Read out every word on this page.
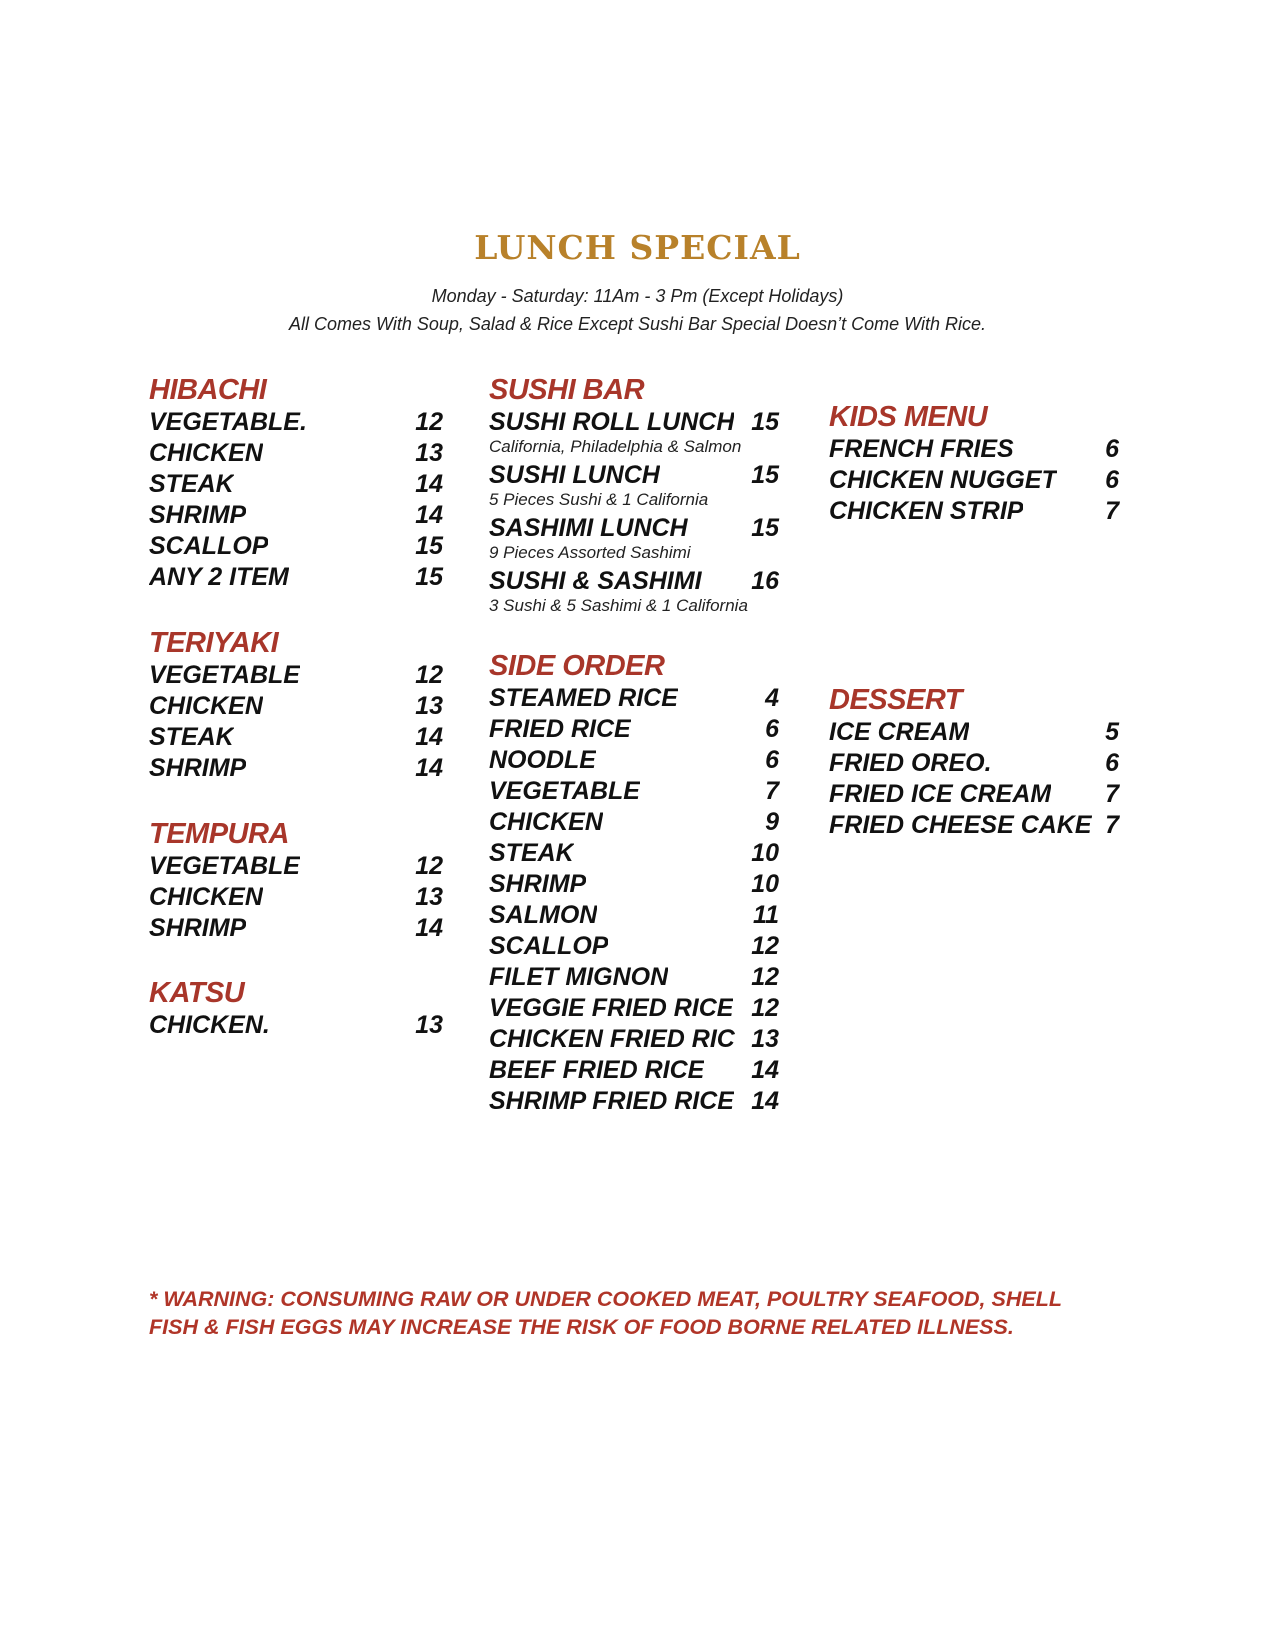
LUNCH SPECIAL
Monday - Saturday: 11Am - 3 Pm (Except Holidays)
All Comes With Soup, Salad & Rice Except Sushi Bar Special Doesn’t Come With Rice.
HIBACHI
VEGETABLE.	12
CHICKEN	13
STEAK	14
SHRIMP	14
SCALLOP	15
ANY 2 ITEM	15
TERIYAKI
VEGETABLE	12
CHICKEN	13
STEAK	14
SHRIMP	14
TEMPURA
VEGETABLE	12
CHICKEN	13
SHRIMP	14
KATSU
CHICKEN.	13
SUSHI BAR
SUSHI ROLL LUNCH 15
California, Philadelphia & Salmon
SUSHI LUNCH	15
5 Pieces Sushi & 1 California
SASHIMI LUNCH	15
9 Pieces Assorted Sashimi
SUSHI & SASHIMI 16
3 Sushi & 5 Sashimi & 1 California
SIDE ORDER
STEAMED RICE	4
FRIED RICE	6
NOODLE	6
VEGETABLE	7
CHICKEN	9
STEAK	10
SHRIMP	10
SALMON	11
SCALLOP	12
FILET MIGNON	12
VEGGIE FRIED RICE 12
CHICKEN FRIED RIC 13
BEEF FRIED RICE 14
SHRIMP FRIED RICE 14
KIDS MENU
FRENCH FRIES	6
CHICKEN NUGGET 6
CHICKEN STRIP	7
DESSERT
ICE CREAM	5
FRIED OREO.	6
FRIED ICE CREAM 7
FRIED CHEESE CAKE 7
* WARNING: CONSUMING RAW OR UNDER COOKED MEAT, POULTRY SEAFOOD, SHELL
FISH & FISH EGGS MAY INCREASE THE RISK OF FOOD BORNE RELATED ILLNESS.
